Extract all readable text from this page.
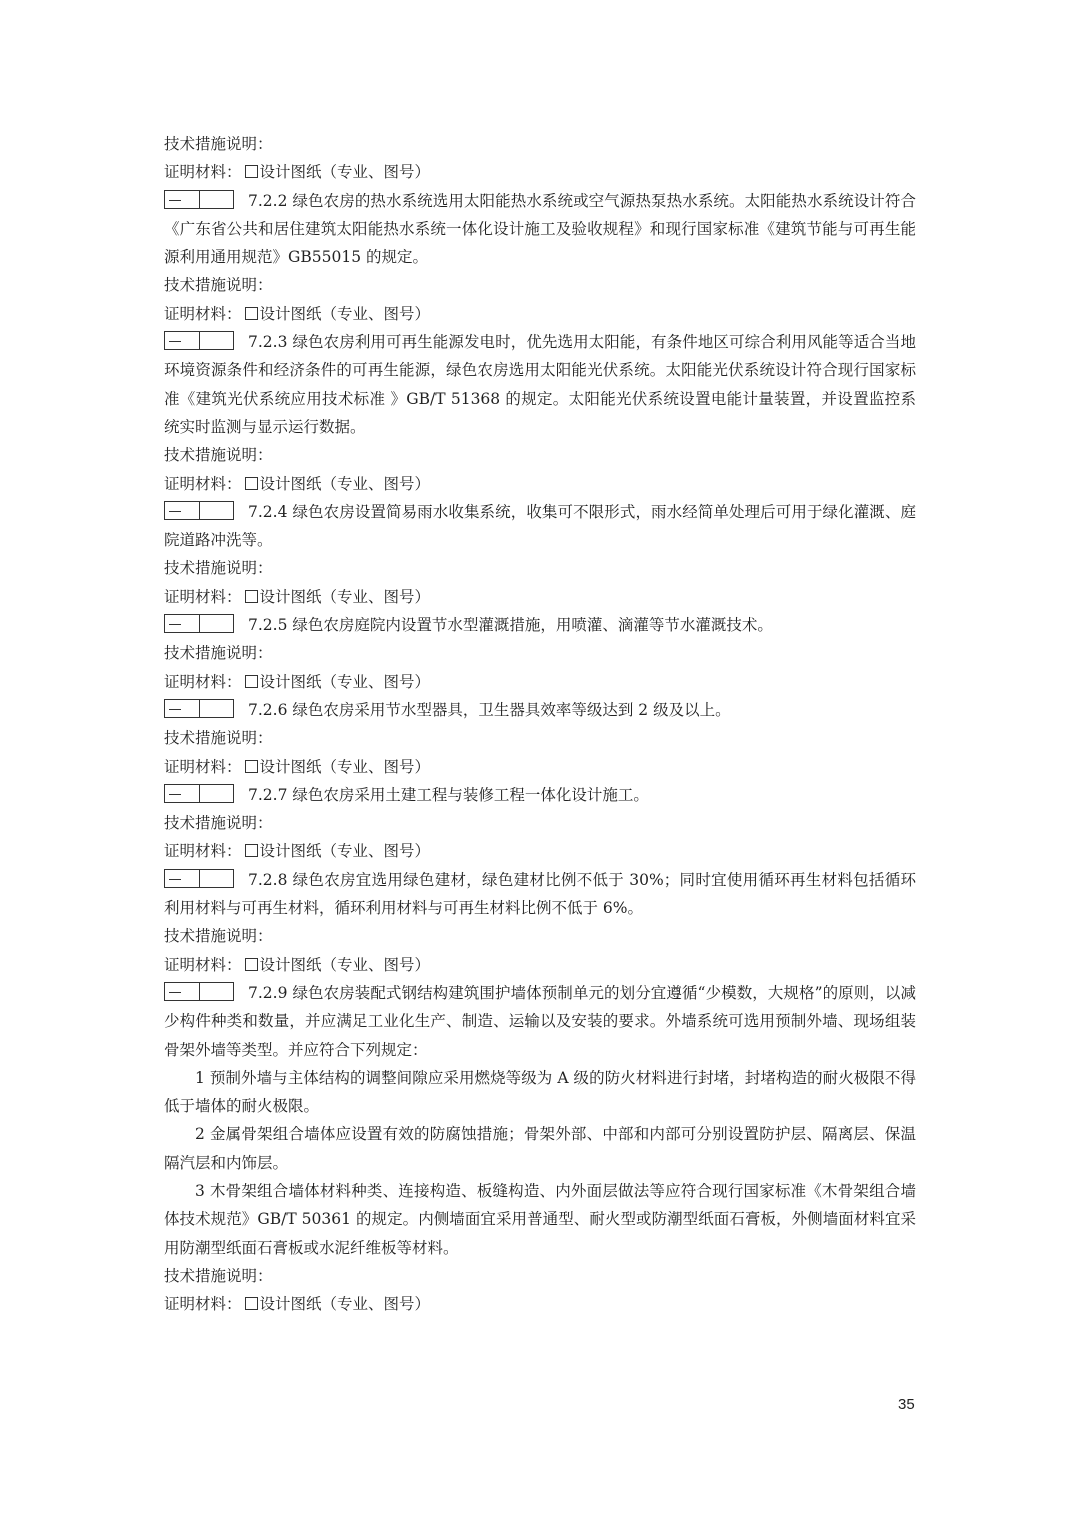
技术措施说明：
证明材料： 设计图纸（专业、图号）
7.2.2 绿色农房的热水系统选用太阳能热水系统或空气源热泵热水系统。太阳能热水系统设计符合《广东省公共和居住建筑太阳能热水系统一体化设计施工及验收规程》和现行国家标准《建筑节能与可再生能源利用通用规范》GB55015 的规定。
技术措施说明：
证明材料： 设计图纸（专业、图号）
7.2.3 绿色农房利用可再生能源发电时，优先选用太阳能，有条件地区可综合利用风能等适合当地环境资源条件和经济条件的可再生能源，绿色农房选用太阳能光伏系统。太阳能光伏系统设计符合现行国家标准《建筑光伏系统应用技术标准 》GB/T 51368 的规定。太阳能光伏系统设置电能计量装置，并设置监控系统实时监测与显示运行数据。
技术措施说明：
证明材料： 设计图纸（专业、图号）
7.2.4 绿色农房设置简易雨水收集系统，收集可不限形式，雨水经简单处理后可用于绿化灌溉、庭院道路冲洗等。
技术措施说明：
证明材料： 设计图纸（专业、图号）
7.2.5 绿色农房庭院内设置节水型灌溉措施，用喷灌、滴灌等节水灌溉技术。
技术措施说明：
证明材料： 设计图纸（专业、图号）
7.2.6 绿色农房采用节水型器具，卫生器具效率等级达到 2 级及以上。
技术措施说明：
证明材料： 设计图纸（专业、图号）
7.2.7 绿色农房采用土建工程与装修工程一体化设计施工。
技术措施说明：
证明材料： 设计图纸（专业、图号）
7.2.8 绿色农房宜选用绿色建材，绿色建材比例不低于 30%；同时宜使用循环再生材料包括循环利用材料与可再生材料，循环利用材料与可再生材料比例不低于 6%。
技术措施说明：
证明材料： 设计图纸（专业、图号）
7.2.9 绿色农房装配式钢结构建筑围护墙体预制单元的划分宜遵循“少模数，大规格”的原则，以减少构件种类和数量，并应满足工业化生产、制造、运输以及安装的要求。外墙系统可选用预制外墙、现场组装骨架外墙等类型。并应符合下列规定：
1 预制外墙与主体结构的调整间隙应采用燃烧等级为 A 级的防火材料进行封堵，封堵构造的耐火极限不得低于墙体的耐火极限。
2 金属骨架组合墙体应设置有效的防腐蚀措施；骨架外部、中部和内部可分别设置防护层、隔离层、保温隔汽层和内饰层。
3 木骨架组合墙体材料种类、连接构造、板缝构造、内外面层做法等应符合现行国家标准《木骨架组合墙体技术规范》GB/T 50361 的规定。内侧墙面宜采用普通型、耐火型或防潮型纸面石膏板，外侧墙面材料宜采用防潮型纸面石膏板或水泥纤维板等材料。
技术措施说明：
证明材料： 设计图纸（专业、图号）
35
